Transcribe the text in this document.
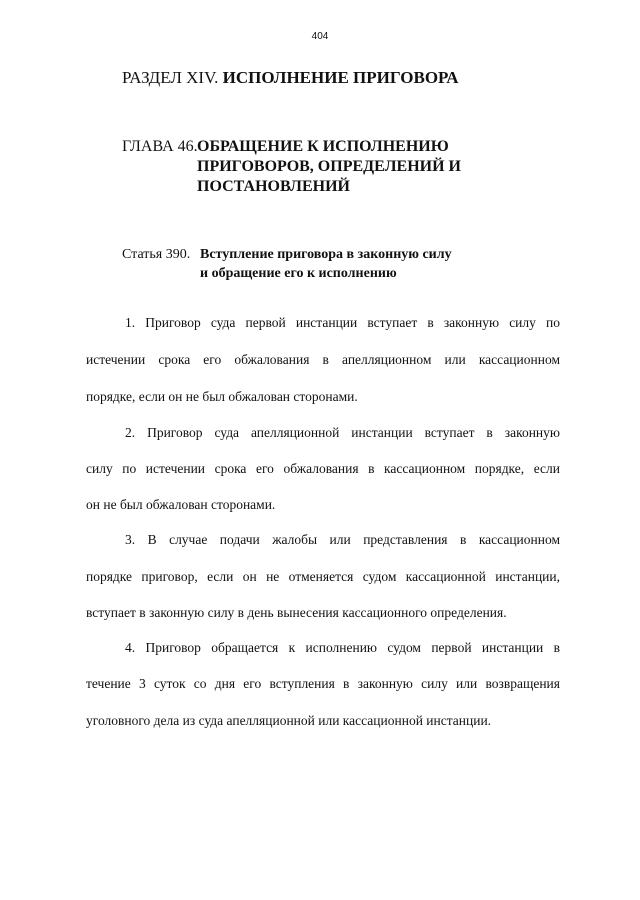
404
РАЗДЕЛ XIV. ИСПОЛНЕНИЕ ПРИГОВОРА
ГЛАВА 46. ОБРАЩЕНИЕ К ИСПОЛНЕНИЮ
ПРИГОВОРОВ, ОПРЕДЕЛЕНИЙ И
ПОСТАНОВЛЕНИЙ
Статья 390. Вступление приговора в законную силу
и обращение его к исполнению
1. Приговор суда первой инстанции вступает в законную силу по
истечении срока его обжалования в апелляционном или кассационном
порядке, если он не был обжалован сторонами.
2. Приговор суда апелляционной инстанции вступает в законную
силу по истечении срока его обжалования в кассационном порядке, если
он не был обжалован сторонами.
3. В случае подачи жалобы или представления в кассационном
порядке приговор, если он не отменяется судом кассационной инстанции,
вступает в законную силу в день вынесения кассационного определения.
4. Приговор обращается к исполнению судом первой инстанции в
течение 3 суток со дня его вступления в законную силу или возвращения
уголовного дела из суда апелляционной или кассационной инстанции.
